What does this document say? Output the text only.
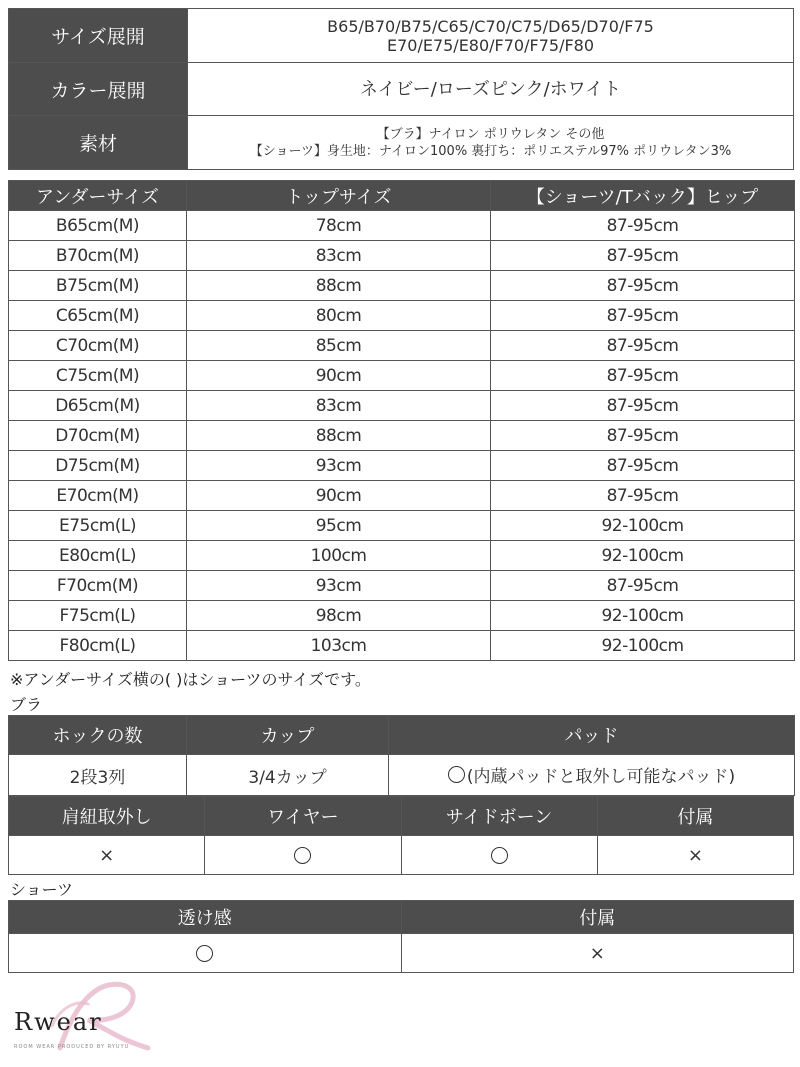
サイズ展開	B65/B70/B75/C65/C70/C75/D65/D70/F75
E70/E75/E80/F70/F75/F80

カラー展開	ネイビー/ローズピンク/ホワイト
素材	【ブラ】ナイロン ポリウレタン その他
【ショーツ】身生地：ナイロン100% 裏打ち：ポリエステル97% ポリウレタン3%
アンダーサイズ	トップサイズ	【ショーツ/Tバック】ヒップ
B65cm(M)	78cm	87-95cm
B70cm(M)	83cm	87-95cm
B75cm(M)	88cm	87-95cm
C65cm(M)	80cm	87-95cm
C70cm(M)	85cm	87-95cm
C75cm(M)	90cm	87-95cm
D65cm(M)	83cm	87-95cm
D70cm(M)	88cm	87-95cm
D75cm(M)	93cm	87-95cm
E70cm(M)	90cm	87-95cm
E75cm(L)	95cm	92-100cm
E80cm(L)	100cm	92-100cm
F70cm(M)	93cm	87-95cm
F75cm(L)	98cm	92-100cm
F80cm(L)	103cm	92-100cm
※アンダーサイズ横の( )はショーツのサイズです。
ブラ
ホックの数	カップ	パッド
2段3列	3/4カップ	(内蔵パッドと取外し可能なパッド)
肩紐取外し	ワイヤー	サイドボーン	付属
×			×
ショーツ
透け感	付属
	×
Rwear
ROOM WEAR PRODUCED BY RYUYU
